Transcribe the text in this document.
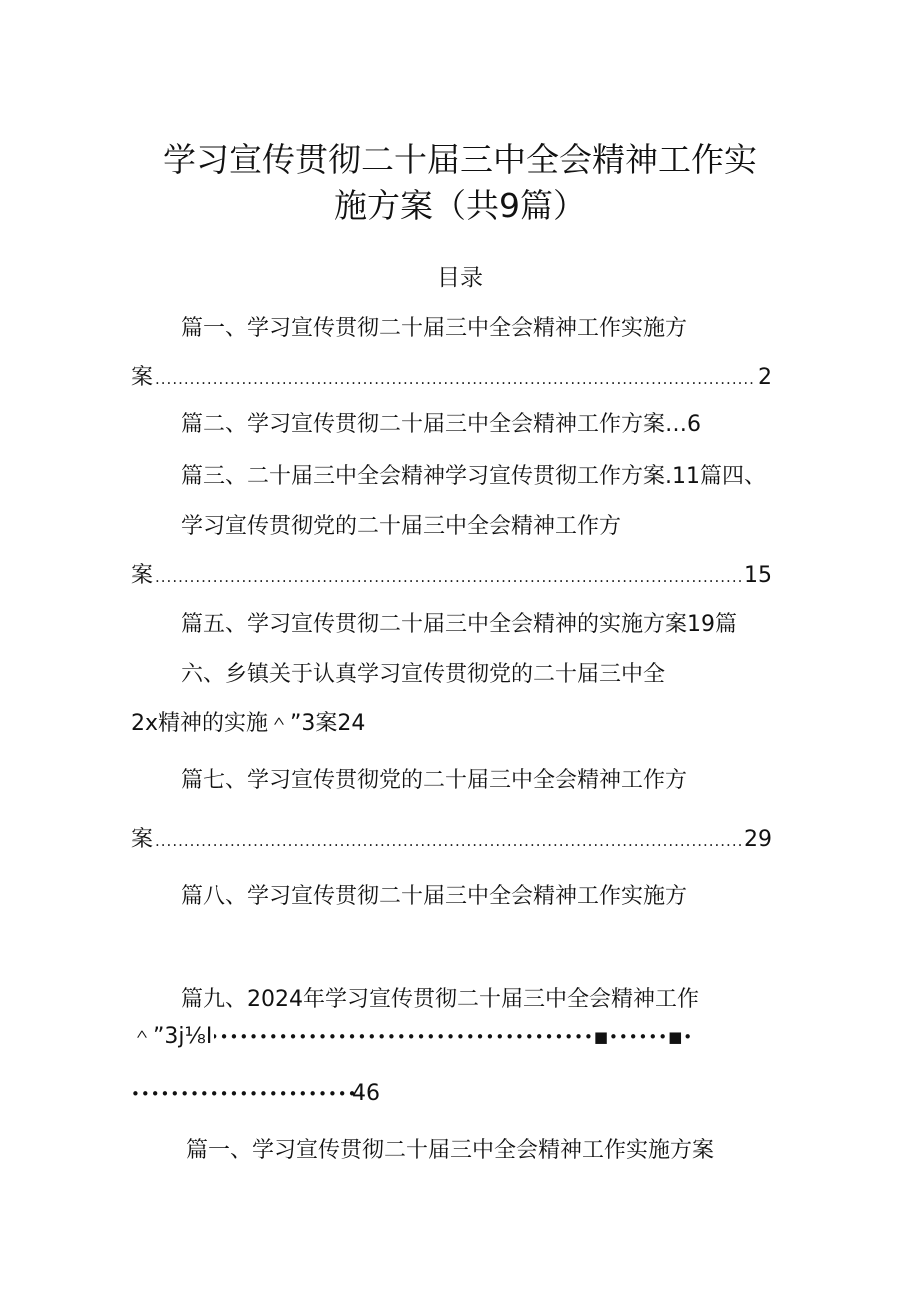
学习宣传贯彻二十届三中全会精神工作实
施方案（共9篇）
目录
篇一、学习宣传贯彻二十届三中全会精神工作实施方
案 .....	2
篇二、学习宣传贯彻二十届三中全会精神工作方案…6
篇三、二十届三中全会精神学习宣传贯彻工作方案.11篇四、
学习宣传贯彻党的二十届三中全会精神工作方
案 .....	15
篇五、学习宣传贯彻二十届三中全会精神的实施方案19篇
六、乡镇关于认真学习宣传贯彻党的二十届三中全
2x精神的实施＾”3案24
篇七、学习宣传贯彻党的二十届三中全会精神工作方
案 .....	29
篇八、学习宣传贯彻二十届三中全会精神工作实施方
篇九、2024年学习宣传贯彻二十届三中全会精神工作
•••••••••••••••••••••••••••••••••••••••••••••••■••••••■•
＾”3j⅛I
•••••
46
篇一、学习宣传贯彻二十届三中全会精神工作实施方案
